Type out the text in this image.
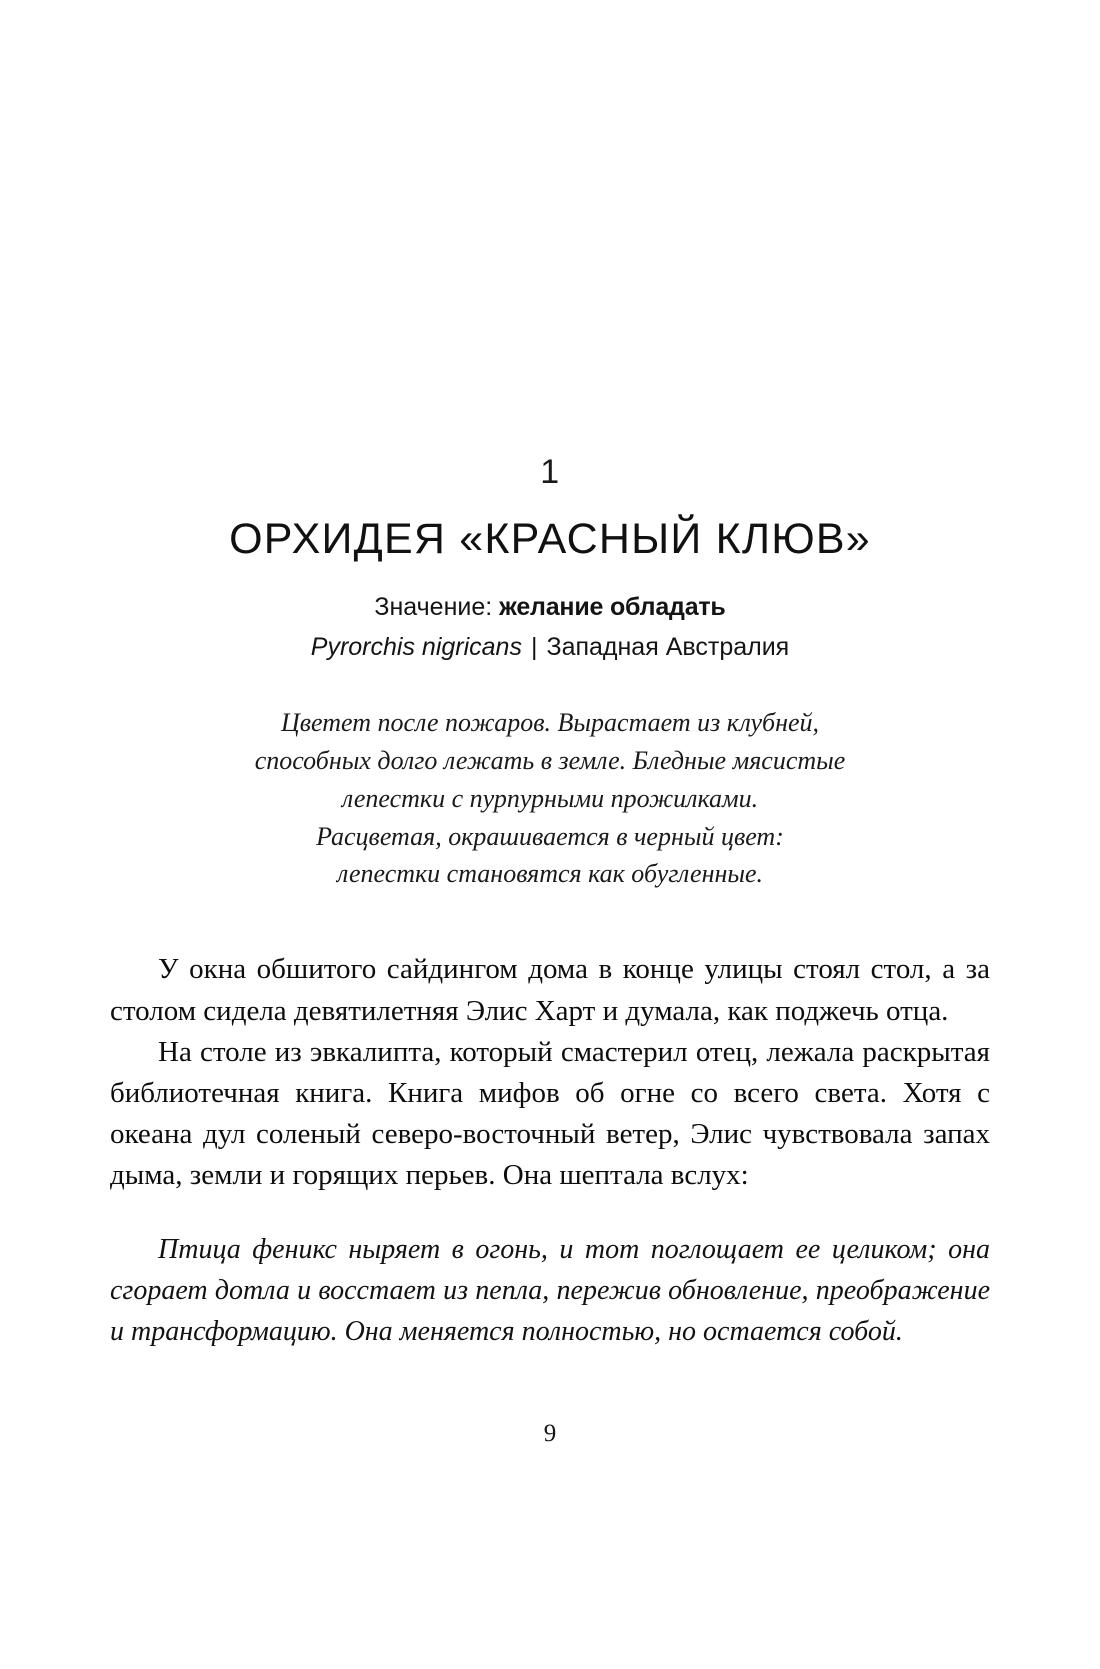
1
ОРХИДЕЯ «КРАСНЫЙ КЛЮВ»
Значение: желание обладать
Pyrorchis nigricans | Западная Австралия
Цветет после пожаров. Вырастает из клубней,
способных долго лежать в земле. Бледные мясистые
лепестки с пурпурными прожилками.
Расцветая, окрашивается в черный цвет:
лепестки становятся как обугленные.

У окна обшитого сайдингом дома в конце улицы стоял стол, а за столом сидела девятилетняя Элис Харт и думала, как поджечь отца.

На столе из эвкалипта, который смастерил отец, лежала раскрытая библиотечная книга. Книга мифов об огне со всего света. Хотя с океана дул соленый северо-восточный ветер, Элис чувствовала запах дыма, земли и горящих перьев. Она шептала вслух:

Птица феникс ныряет в огонь, и тот поглощает ее целиком; она сгорает дотла и восстает из пепла, пережив обновление, преображение и трансформацию. Она меняется полностью, но остается собой.

9
